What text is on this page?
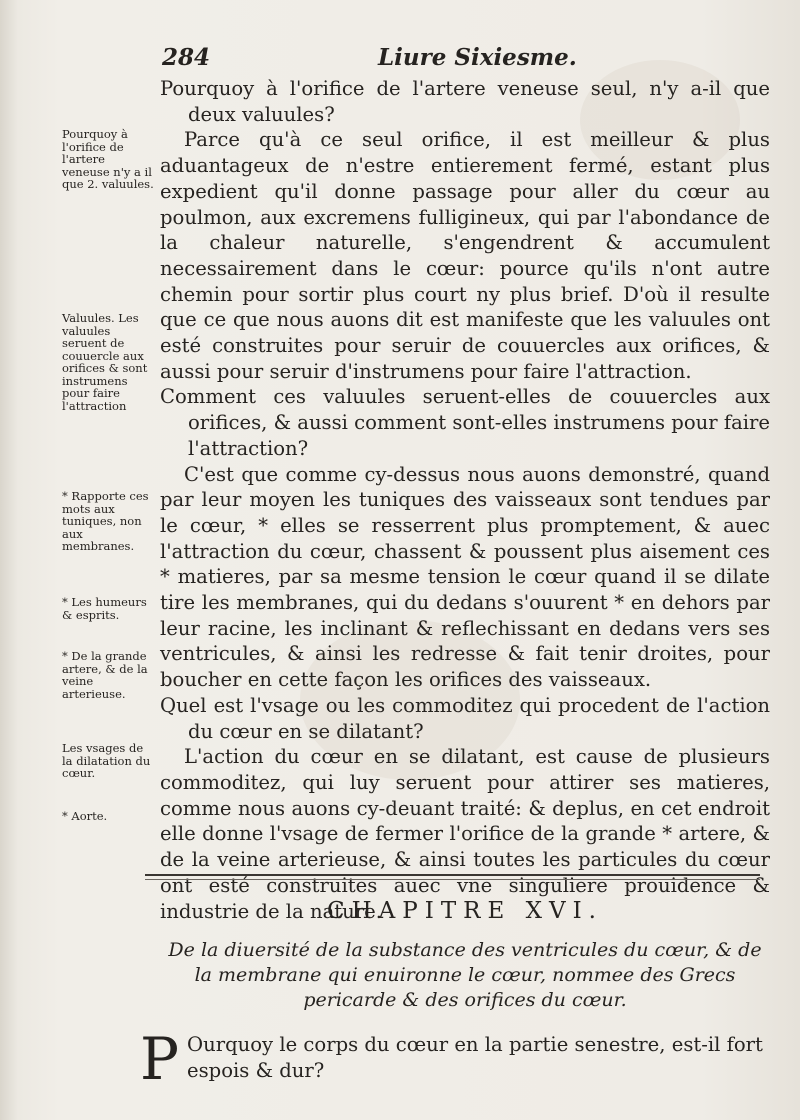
284	Liure Sixiesme.

Pourquoy à l'orifice de l'artere veneuse seul, n'y a-il que deux valuules?

Parce qu'à ce seul orifice, il est meilleur & plus aduantageux de n'estre entierement fermé, estant plus expedient qu'il donne passage pour aller du cœur au poulmon, aux excremens fulligineux, qui par l'abondance de la chaleur naturelle, s'engendrent & accumulent necessairement dans le cœur: pource qu'ils n'ont autre chemin pour sortir plus court ny plus brief. D'où il resulte que ce que nous auons dit est manifeste que les valuules ont esté construites pour seruir de couuercles aux orifices, & aussi pour seruir d'instrumens pour faire l'attraction.

Comment ces valuules seruent-elles de couuercles aux orifices, & aussi comment sont-elles instrumens pour faire l'attraction?

C'est que comme cy-dessus nous auons demonstré, quand par leur moyen les tuniques des vaisseaux sont tendues par le cœur, * elles se resserrent plus promptement, & auec l'attraction du cœur, chassent & poussent plus aisement ces * matieres, par sa mesme tension le cœur quand il se dilate tire les membranes, qui du dedans s'ouurent * en dehors par leur racine, les inclinant & reflechissant en dedans vers ses ventricules, & ainsi les redresse & fait tenir droites, pour boucher en cette façon les orifices des vaisseaux.

Quel est l'vsage ou les commoditez qui procedent de l'action du cœur en se dilatant?

L'action du cœur en se dilatant, est cause de plusieurs commoditez, qui luy seruent pour attirer ses matieres, comme nous auons cy-deuant traité: & deplus, en cet endroit elle donne l'vsage de fermer l'orifice de la grande * artere, & de la veine arterieuse, & ainsi toutes les particules du cœur ont esté construites auec vne singuliere prouidence & industrie de la nature.

Pourquoy à l'orifice de l'artere veneuse n'y a il que 2. valuules.
Valuules. Les valuules seruent de couuercle aux orifices & sont instrumens pour faire l'attraction
* Rapporte ces mots aux tuniques, non aux membranes.
* Les humeurs & esprits.
* De la grande artere, & de la veine arterieuse.
Les vsages de la dilatation du cœur.
* Aorte.
CHAPITRE XVI.
De la diuersité de la substance des ventricules du cœur, & de la membrane qui enuironne le cœur, nommee des Grecs pericarde & des orifices du cœur.
P Ourquoy le corps du cœur en la partie senestre, est-il fort espois & dur?
